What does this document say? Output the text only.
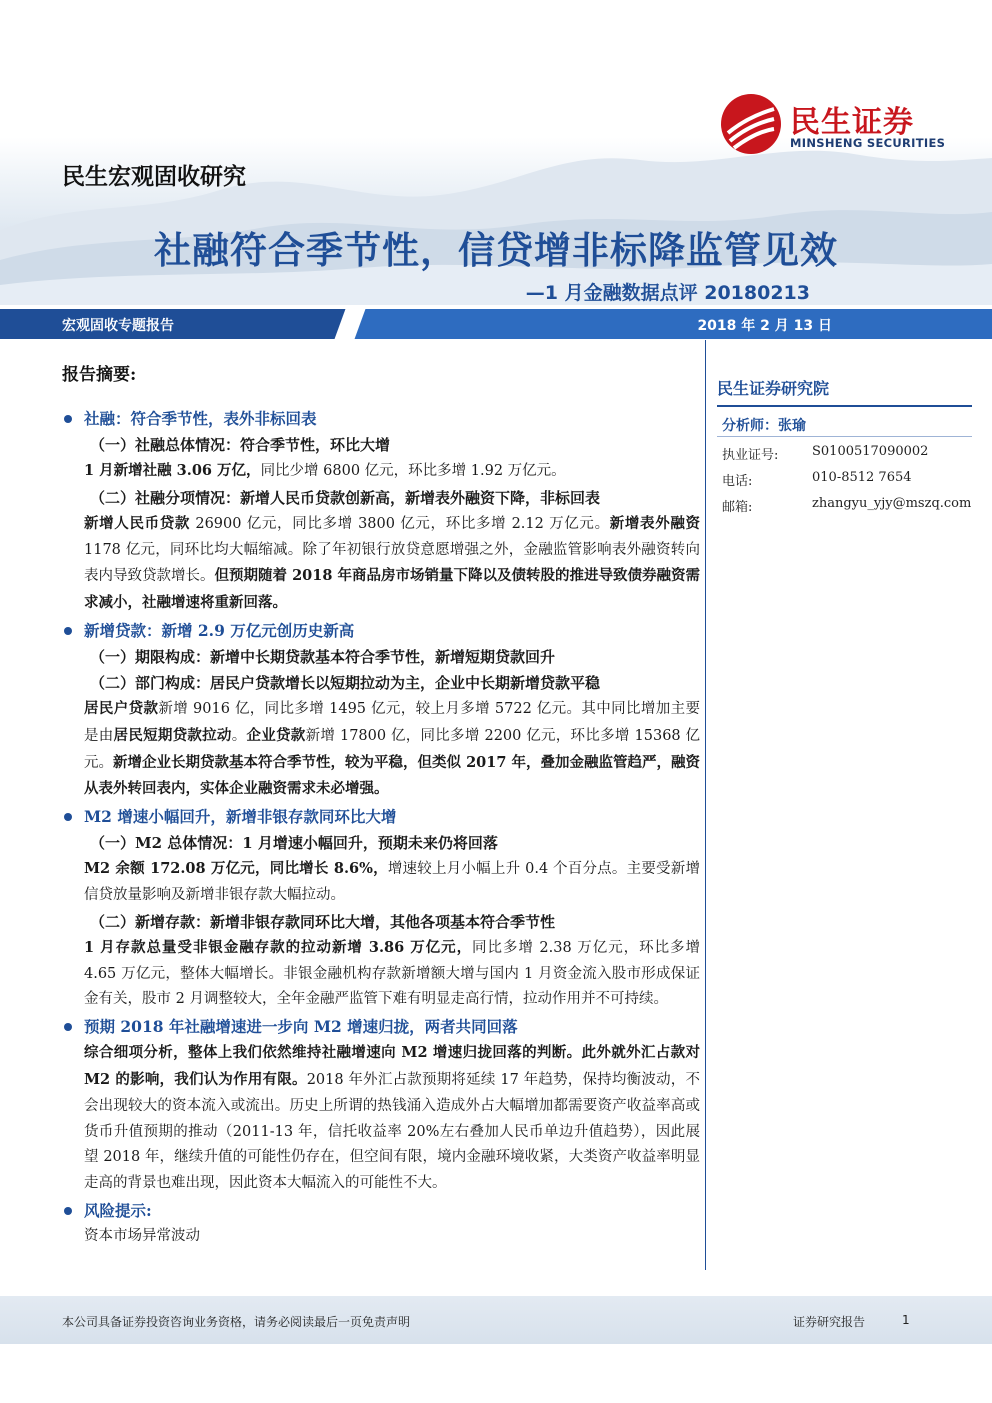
民生证券
MINSHENG SECURITIES
民生宏观固收研究
社融符合季节性，信贷增非标降监管见效
—1 月金融数据点评 20180213
宏观固收专题报告	2018 年 2 月 13 日
报告摘要:
社融：符合季节性，表外非标回表
（一）社融总体情况：符合季节性，环比大增
1 月新增社融 3.06 万亿，同比少增 6800 亿元，环比多增 1.92 万亿元。
（二）社融分项情况：新增人民币贷款创新高，新增表外融资下降，非标回表
新增人民币贷款 26900 亿元，同比多增 3800 亿元，环比多增 2.12 万亿元。新增表外融资 1178 亿元，同环比均大幅缩减。除了年初银行放贷意愿增强之外，金融监管影响表外融资转向表内导致贷款增长。但预期随着 2018 年商品房市场销量下降以及债转股的推进导致债券融资需求减小，社融增速将重新回落。
新增贷款：新增 2.9 万亿元创历史新高
（一）期限构成：新增中长期贷款基本符合季节性，新增短期贷款回升
（二）部门构成：居民户贷款增长以短期拉动为主，企业中长期新增贷款平稳
居民户贷款新增 9016 亿，同比多增 1495 亿元，较上月多增 5722 亿元。其中同比增加主要是由居民短期贷款拉动。企业贷款新增 17800 亿，同比多增 2200 亿元，环比多增 15368 亿元。新增企业长期贷款基本符合季节性，较为平稳，但类似 2017 年，叠加金融监管趋严，融资从表外转回表内，实体企业融资需求未必增强。
M2 增速小幅回升，新增非银存款同环比大增
（一）M2 总体情况：1 月增速小幅回升，预期未来仍将回落
M2 余额 172.08 万亿元，同比增长 8.6%，增速较上月小幅上升 0.4 个百分点。主要受新增信贷放量影响及新增非银存款大幅拉动。
（二）新增存款：新增非银存款同环比大增，其他各项基本符合季节性
1 月存款总量受非银金融存款的拉动新增 3.86 万亿元，同比多增 2.38 万亿元，环比多增 4.65 万亿元，整体大幅增长。非银金融机构存款新增额大增与国内 1 月资金流入股市形成保证金有关，股市 2 月调整较大，全年金融严监管下难有明显走高行情，拉动作用并不可持续。
预期 2018 年社融增速进一步向 M2 增速归拢，两者共同回落
综合细项分析，整体上我们依然维持社融增速向 M2 增速归拢回落的判断。此外就外汇占款对 M2 的影响，我们认为作用有限。2018 年外汇占款预期将延续 17 年趋势，保持均衡波动，不会出现较大的资本流入或流出。历史上所谓的热钱涌入造成外占大幅增加都需要资产收益率高或货币升值预期的推动（2011-13 年，信托收益率 20%左右叠加人民币单边升值趋势），因此展望 2018 年，继续升值的可能性仍存在，但空间有限，境内金融环境收紧，大类资产收益率明显走高的背景也难出现，因此资本大幅流入的可能性不大。
风险提示:
资本市场异常波动
民生证券研究院
分析师：张瑜
执业证号:	S0100517090002
电话:	010-8512 7654
邮箱:	zhangyu_yjy@mszq.com
本公司具备证券投资咨询业务资格，请务必阅读最后一页免责声明	证券研究报告	1
